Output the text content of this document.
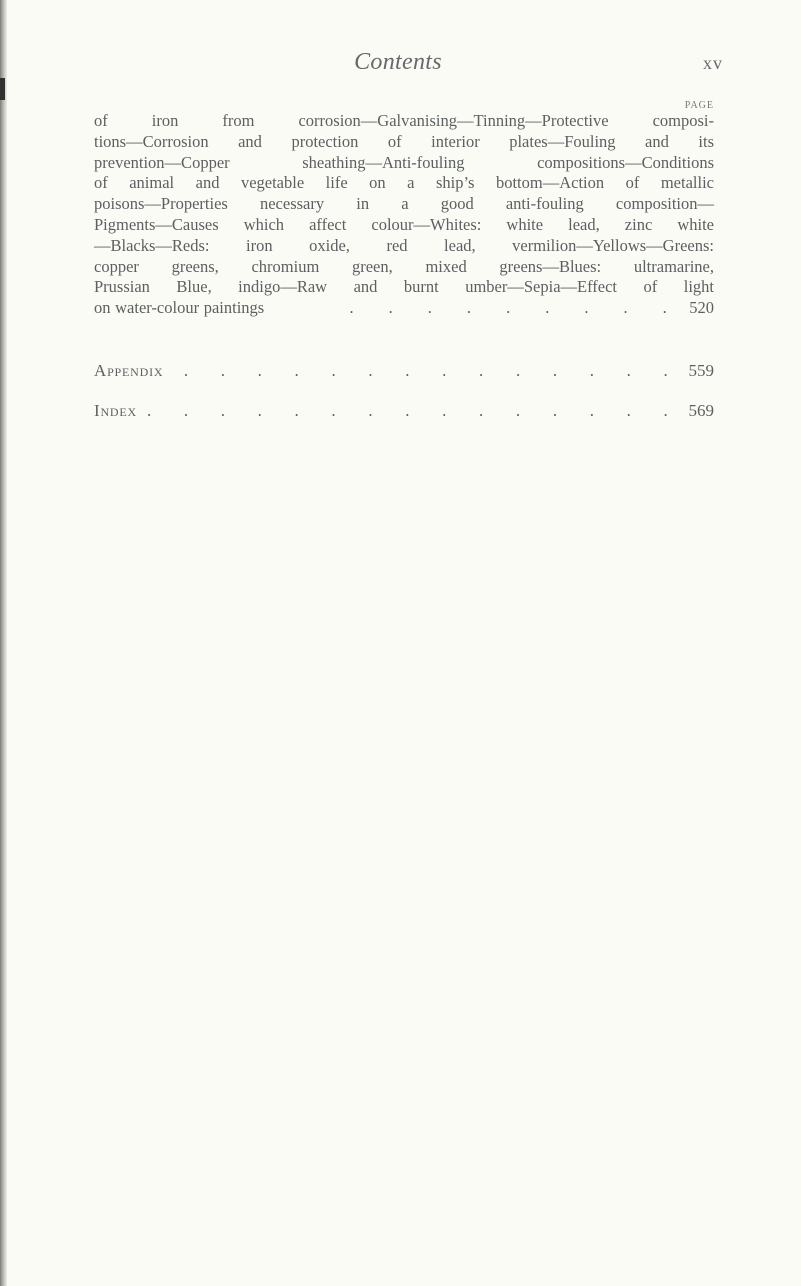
Contents	xv
PAGE
of iron from corrosion—Galvanising—Tinning—Protective composi-
tions—Corrosion and protection of interior plates—Fouling and its
prevention—Copper sheathing—Anti-fouling compositions—Conditions
of animal and vegetable life on a ship’s bottom—Action of metallic
poisons—Properties necessary in a good anti-fouling composition—
Pigments—Causes which affect colour—Whites: white lead, zinc white
—Blacks—Reds: iron oxide, red lead, vermilion—Yellows—Greens:
copper greens, chromium green, mixed greens—Blues: ultramarine,
Prussian Blue, indigo—Raw and burnt umber—Sepia—Effect of light
on water-colour paintings	. . . . . . . . . 520
Appendix	. . . . . . . . . . . . . . 559
Index . . . . . . . . . . . . . . . 569
